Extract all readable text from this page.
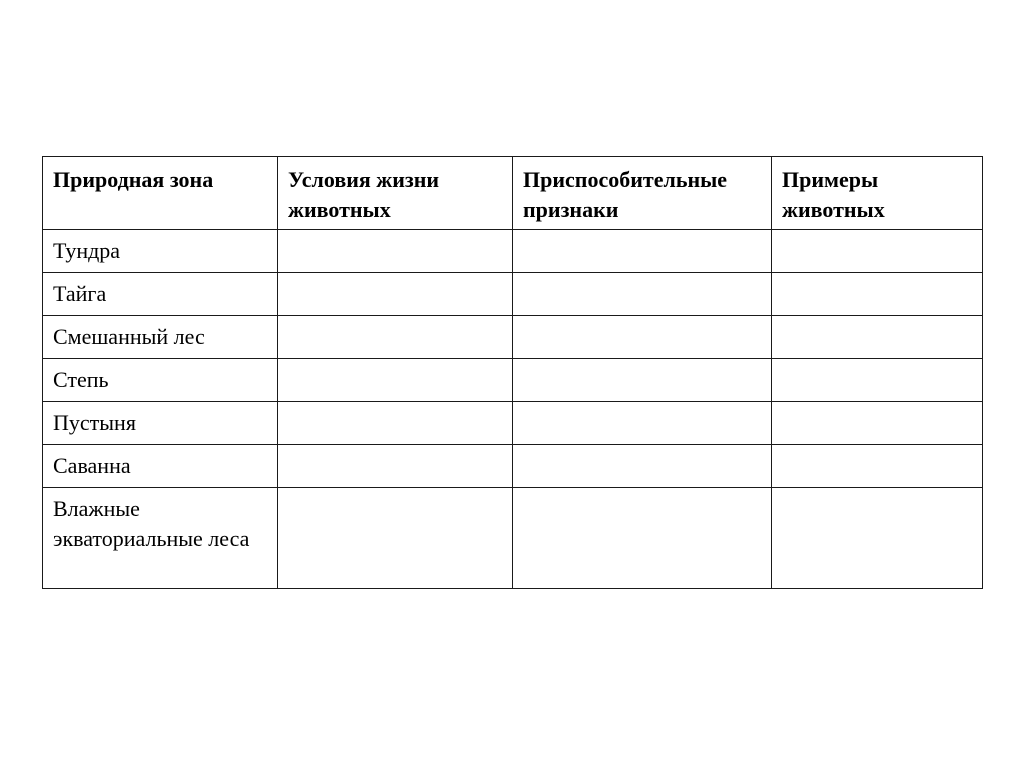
Природная зона	Условия жизни животных	Приспособительные признаки	Примеры животных
Тундра			
Тайга			
Смешанный лес			
Степь			
Пустыня			
Саванна			
Влажные экваториальные леса			
